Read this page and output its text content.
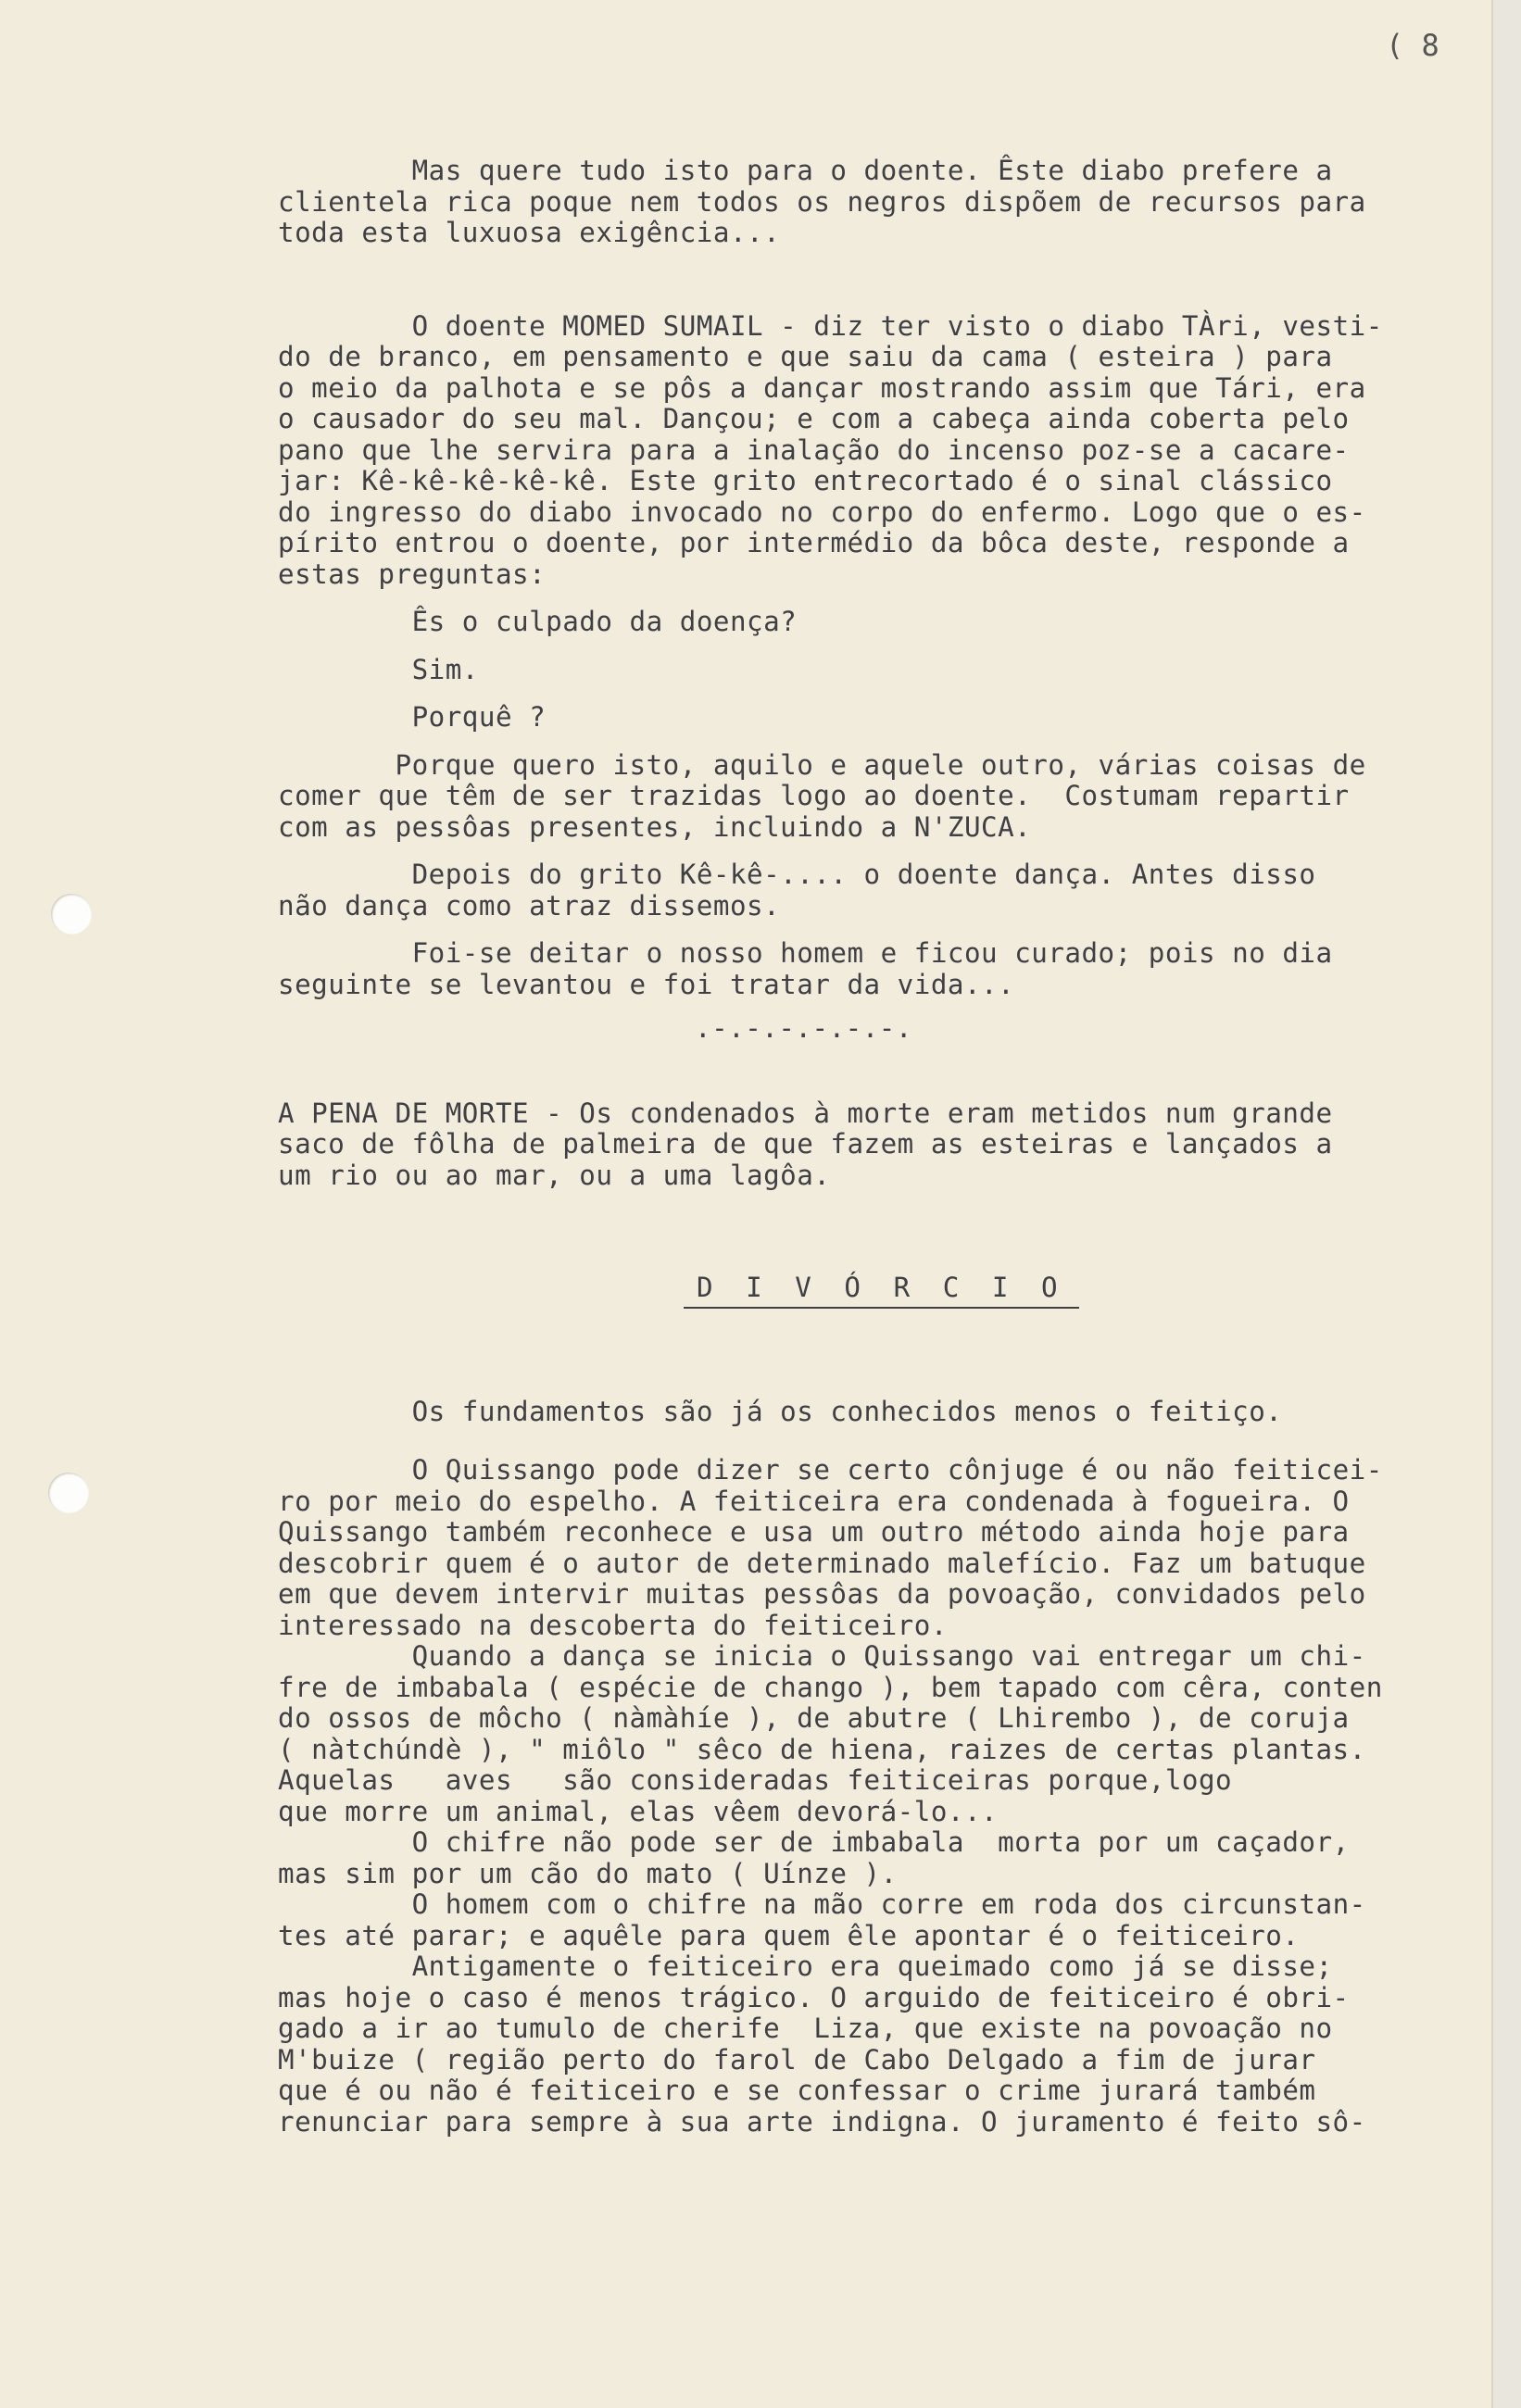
( 8

Mas quere tudo isto para o doente. Êste diabo prefere a
clientela rica poque nem todos os negros dispõem de recursos para
toda esta luxuosa exigência...

O doente MOMED SUMAIL - diz ter visto o diabo TÀri, vesti-
do de branco, em pensamento e que saiu da cama ( esteira ) para
o meio da palhota e se pôs a dançar mostrando assim que Tári, era
o causador do seu mal. Dançou; e com a cabeça ainda coberta pelo
pano que lhe servira para a inalação do incenso poz-se a cacare-
jar: Kê-kê-kê-kê-kê. Este grito entrecortado é o sinal clássico
do ingresso do diabo invocado no corpo do enfermo. Logo que o es-
pírito entrou o doente, por intermédio da bôca deste, responde a
estas preguntas:

Ês o culpado da doença?

Sim.

Porquê ?

Porque quero isto, aquilo e aquele outro, várias coisas de
comer que têm de ser trazidas logo ao doente.  Costumam repartir
com as pessôas presentes, incluindo a N'ZUCA.

Depois do grito Kê-kê-.... o doente dança. Antes disso
não dança como atraz dissemos.

Foi-se deitar o nosso homem e ficou curado; pois no dia
seguinte se levantou e foi tratar da vida...

.-.-.-.-.-.-.

A PENA DE MORTE - Os condenados à morte eram metidos num grande
saco de fôlha de palmeira de que fazem as esteiras e lançados a
um rio ou ao mar, ou a uma lagôa.

D I V Ó R C I O

Os fundamentos são já os conhecidos menos o feitiço.

O Quissango pode dizer se certo cônjuge é ou não feiticei-
ro por meio do espelho. A feiticeira era condenada à fogueira. O
Quissango também reconhece e usa um outro método ainda hoje para
descobrir quem é o autor de determinado malefício. Faz um batuque
em que devem intervir muitas pessôas da povoação, convidados pelo
interessado na descoberta do feiticeiro.
Quando a dança se inicia o Quissango vai entregar um chi-
fre de imbabala ( espécie de chango ), bem tapado com cêra, conten
do ossos de môcho ( nàmàhíe ), de abutre ( Lhirembo ), de coruja
( nàtchúndè ), " miôlo " sêco de hiena, raizes de certas plantas.
Aquelas   aves   são consideradas feiticeiras porque,logo
que morre um animal, elas vêem devorá-lo...
O chifre não pode ser de imbabala  morta por um caçador,
mas sim por um cão do mato ( Uínze ).
O homem com o chifre na mão corre em roda dos circunstan-
tes até parar; e aquêle para quem êle apontar é o feiticeiro.
Antigamente o feiticeiro era queimado como já se disse;
mas hoje o caso é menos trágico. O arguido de feiticeiro é obri-
gado a ir ao tumulo de cherife  Liza, que existe na povoação no
M'buize ( região perto do farol de Cabo Delgado a fim de jurar
que é ou não é feiticeiro e se confessar o crime jurará também
renunciar para sempre à sua arte indigna. O juramento é feito sô-
